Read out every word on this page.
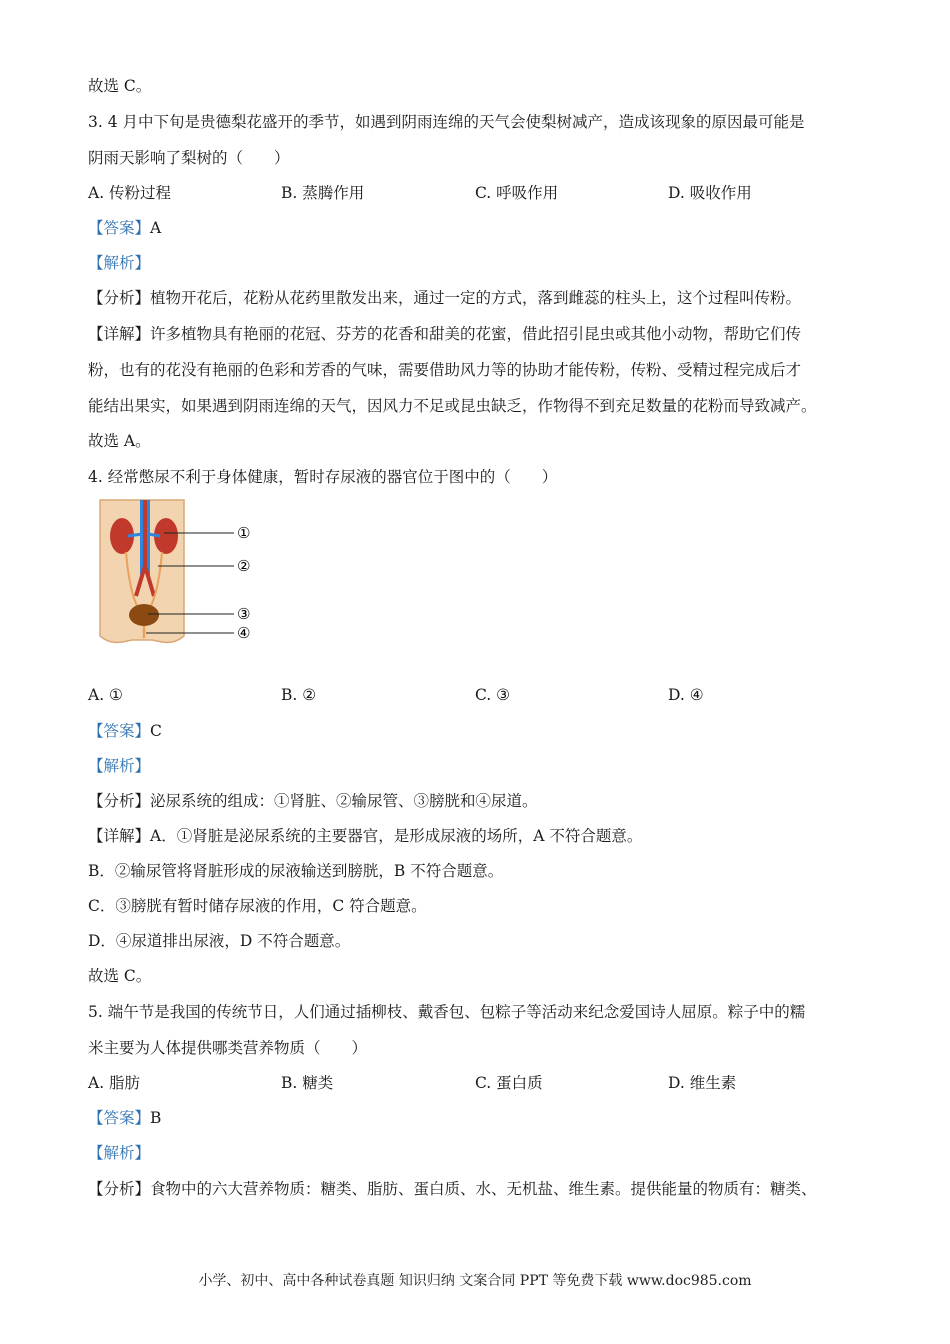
故选 C。
3. 4 月中下旬是贵德梨花盛开的季节，如遇到阴雨连绵的天气会使梨树减产，造成该现象的原因最可能是
阴雨天影响了梨树的（　　）
A. 传粉过程	B. 蒸腾作用	C. 呼吸作用	D. 吸收作用
【答案】A
【解析】
【分析】植物开花后，花粉从花药里散发出来，通过一定的方式，落到雌蕊的柱头上，这个过程叫传粉。
【详解】许多植物具有艳丽的花冠、芬芳的花香和甜美的花蜜，借此招引昆虫或其他小动物，帮助它们传
粉，也有的花没有艳丽的色彩和芳香的气味，需要借助风力等的协助才能传粉，传粉、受精过程完成后才
能结出果实，如果遇到阴雨连绵的天气，因风力不足或昆虫缺乏，作物得不到充足数量的花粉而导致减产。
故选 A。
4. 经常憋尿不利于身体健康，暂时存尿液的器官位于图中的（　　）
①
②
③
④
A. ①	B. ②	C. ③	D. ④
【答案】C
【解析】
【分析】泌尿系统的组成：①肾脏、②输尿管、③膀胱和④尿道。
【详解】A．①肾脏是泌尿系统的主要器官，是形成尿液的场所，A 不符合题意。
B．②输尿管将肾脏形成的尿液输送到膀胱，B 不符合题意。
C．③膀胱有暂时储存尿液的作用，C 符合题意。
D．④尿道排出尿液，D 不符合题意。
故选 C。
5. 端午节是我国的传统节日，人们通过插柳枝、戴香包、包粽子等活动来纪念爱国诗人屈原。粽子中的糯
米主要为人体提供哪类营养物质（　　）
A. 脂肪	B. 糖类	C. 蛋白质	D. 维生素
【答案】B
【解析】
【分析】食物中的六大营养物质：糖类、脂肪、蛋白质、水、无机盐、维生素。提供能量的物质有：糖类、
小学、初中、高中各种试卷真题 知识归纳 文案合同 PPT 等免费下载 www.doc985.com
